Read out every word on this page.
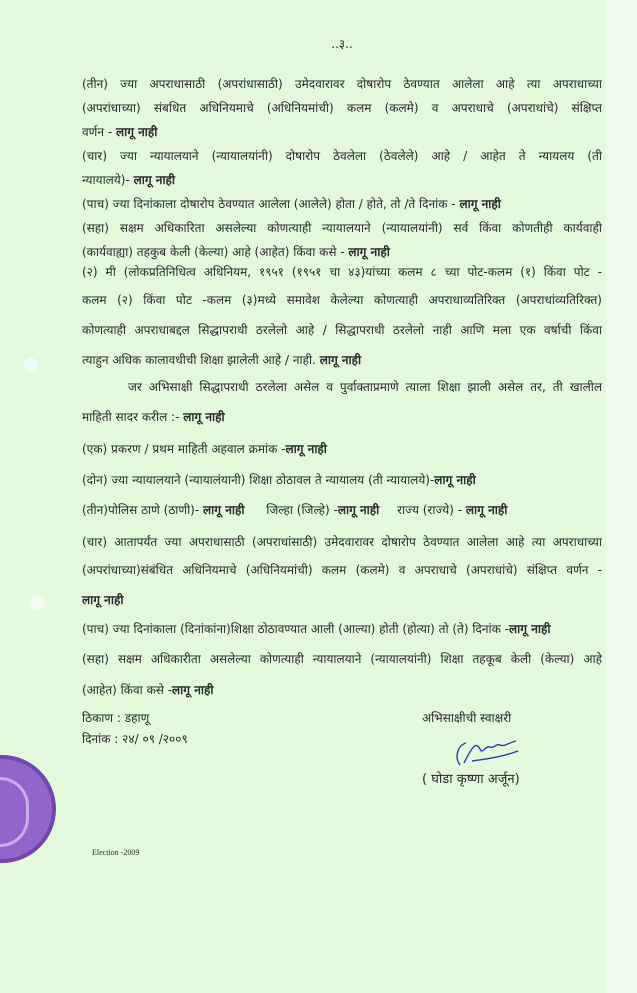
..३..
(तीन) ज्या अपराधासाठी (अपरांधासाठी) उमेदवारावर दोषारोप ठेवण्यात आलेला आहे त्या अपराधाच्या
(अपरांधाच्या) संबधित अधिनियमाचे (अधिनियमांची) कलम (कलमे) व अपराधाचे (अपराधांचे) संक्षिप्त
वर्णन - लागू नाही
(चार) ज्या न्यायालयाने (न्यायालयांनी) दोषारोप ठेवलेला (ठेवलेले) आहे / आहेत ते न्यायलय (ती
न्यायालये)- लागू नाही
(पाच) ज्या दिनांकाला दोषारोप ठेवण्यात आलेला (आलेले) होता / होते, तो /ते दिनांक - लागू नाही
(सहा) सक्षम अधिकारिता असलेल्या कोणत्याही न्यायालयाने (न्यायालयांनी) सर्व किंवा कोणतीही कार्यवाही
(कार्यवाह्या) तहकुब केली (केल्या) आहे (आहेत) किंवा कसे - लागू नाही
(२) मी (लोकप्रतिनिधित्व अधिनियम, १९५१ (१९५१ चा ४३)यांच्या कलम ८ च्या पोट-कलम (१) किंवा पोट -
कलम (२) किंवा पोट -कलम (३)मध्ये समावेश केलेल्या कोणत्याही अपराधाव्यतिरिक्त (अपराधांव्यतिरिक्त)
कोणत्याही अपराधाबद्दल सिद्धापराधी ठरलेलो आहे / सिद्धापराधी ठरलेलो नाही आणि मला एक वर्षाची किंवा
त्याहुन अधिक कालावधीची शिक्षा झालेली आहे / नाही. लागू नाही
जर अभिसाक्षी सिद्धापराधी ठरलेला असेल व पुर्वाक्ताप्रमाणे त्याला शिक्षा झाली असेल तर, ती खालील
माहिती सादर करील :- लागू नाही
(एक) प्रकरण / प्रथम माहिती अहवाल क्रमांक -लागू नाही
(दोन) ज्या न्यायालयाने (न्यायालंयानी) शिक्षा ठोठावल ते न्यायालय (ती न्यायालये)-लागू नाही
(तीन)पोलिस ठाणे (ठाणी)- लागू नाही जिल्हा (जिल्हे) -लागू नाही राज्य (राज्ये) - लागू नाही
(चार) आतापर्यंत ज्या अपराधासाठी (अपराधांसाठी) उमेदवारावर दोषारोप ठेवण्यात आलेला आहे त्या अपराधाच्या
(अपरांधाच्या)संबंधित अधिनियमाचे (अधिनियमांची) कलम (कलमे) व अपराधाचे (अपराधांचे) संक्षिप्त वर्णन -
लागू नाही
(पाच) ज्या दिनांकाला (दिनांकांना)शिक्षा ठोठावण्यात आली (आल्या) होती (होत्या) तो (ते) दिनांक -लागू नाही
(सहा) सक्षम अधिकारीता असलेल्या कोणत्याही न्यायालयाने (न्यायालयांनी) शिक्षा तहकूब केली (केल्या) आहे
(आहेत) किंवा कसे -लागू नाही
ठिकाण : डहाणू
दिनांक : २४/ ०९ /२००९
Election -2009
अभिसाक्षीची स्वाक्षरी
( घोडा कृष्णा अर्जून)
